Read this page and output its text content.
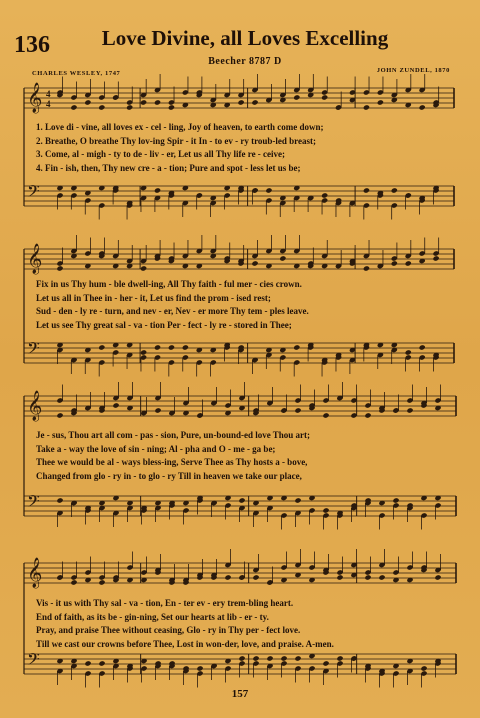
136	Love Divine, all Loves Excelling
Beecher 8787 D
CHARLES WESLEY, 1747	JOHN ZUNDEL, 1870
𝄞
𝄢
4
4
𝄞
𝄢
𝄞
𝄢
𝄞
𝄢
1. Love di - vine, all loves ex - cel - ling, Joy of heaven, to earth come down;
2. Breathe, O breathe Thy lov-ing Spir - it In - to ev - ry troub-led breast;
3. Come, al - migh - ty to de - liv - er, Let us all Thy life re - ceive;
4. Fin - ish, then, Thy new cre - a - tion; Pure and spot - less let us be;
Fix in us Thy hum - ble dwell-ing, All Thy faith - ful mer - cies crown.
Let us all in Thee in - her - it, Let us find the prom - ised rest;
Sud - den - ly re - turn, and nev - er, Nev - er more Thy tem - ples leave.
Let us see Thy great sal - va - tion Per - fect - ly re - stored in Thee;
Je - sus, Thou art all com - pas - sion, Pure, un-bound-ed love Thou art;
Take a - way the love of sin - ning; Al - pha and O - me - ga be;
Thee we would be al - ways bless-ing, Serve Thee as Thy hosts a - bove,
Changed from glo - ry in - to glo - ry Till in heaven we take our place,
Vis - it us with Thy sal - va - tion, En - ter ev - ery trem-bling heart.
End of faith, as its be - gin-ning, Set our hearts at lib - er - ty.
Pray, and praise Thee without ceasing, Glo - ry in Thy per - fect love.
Till we cast our crowns before Thee, Lost in won-der, love, and praise. A-men.
157
